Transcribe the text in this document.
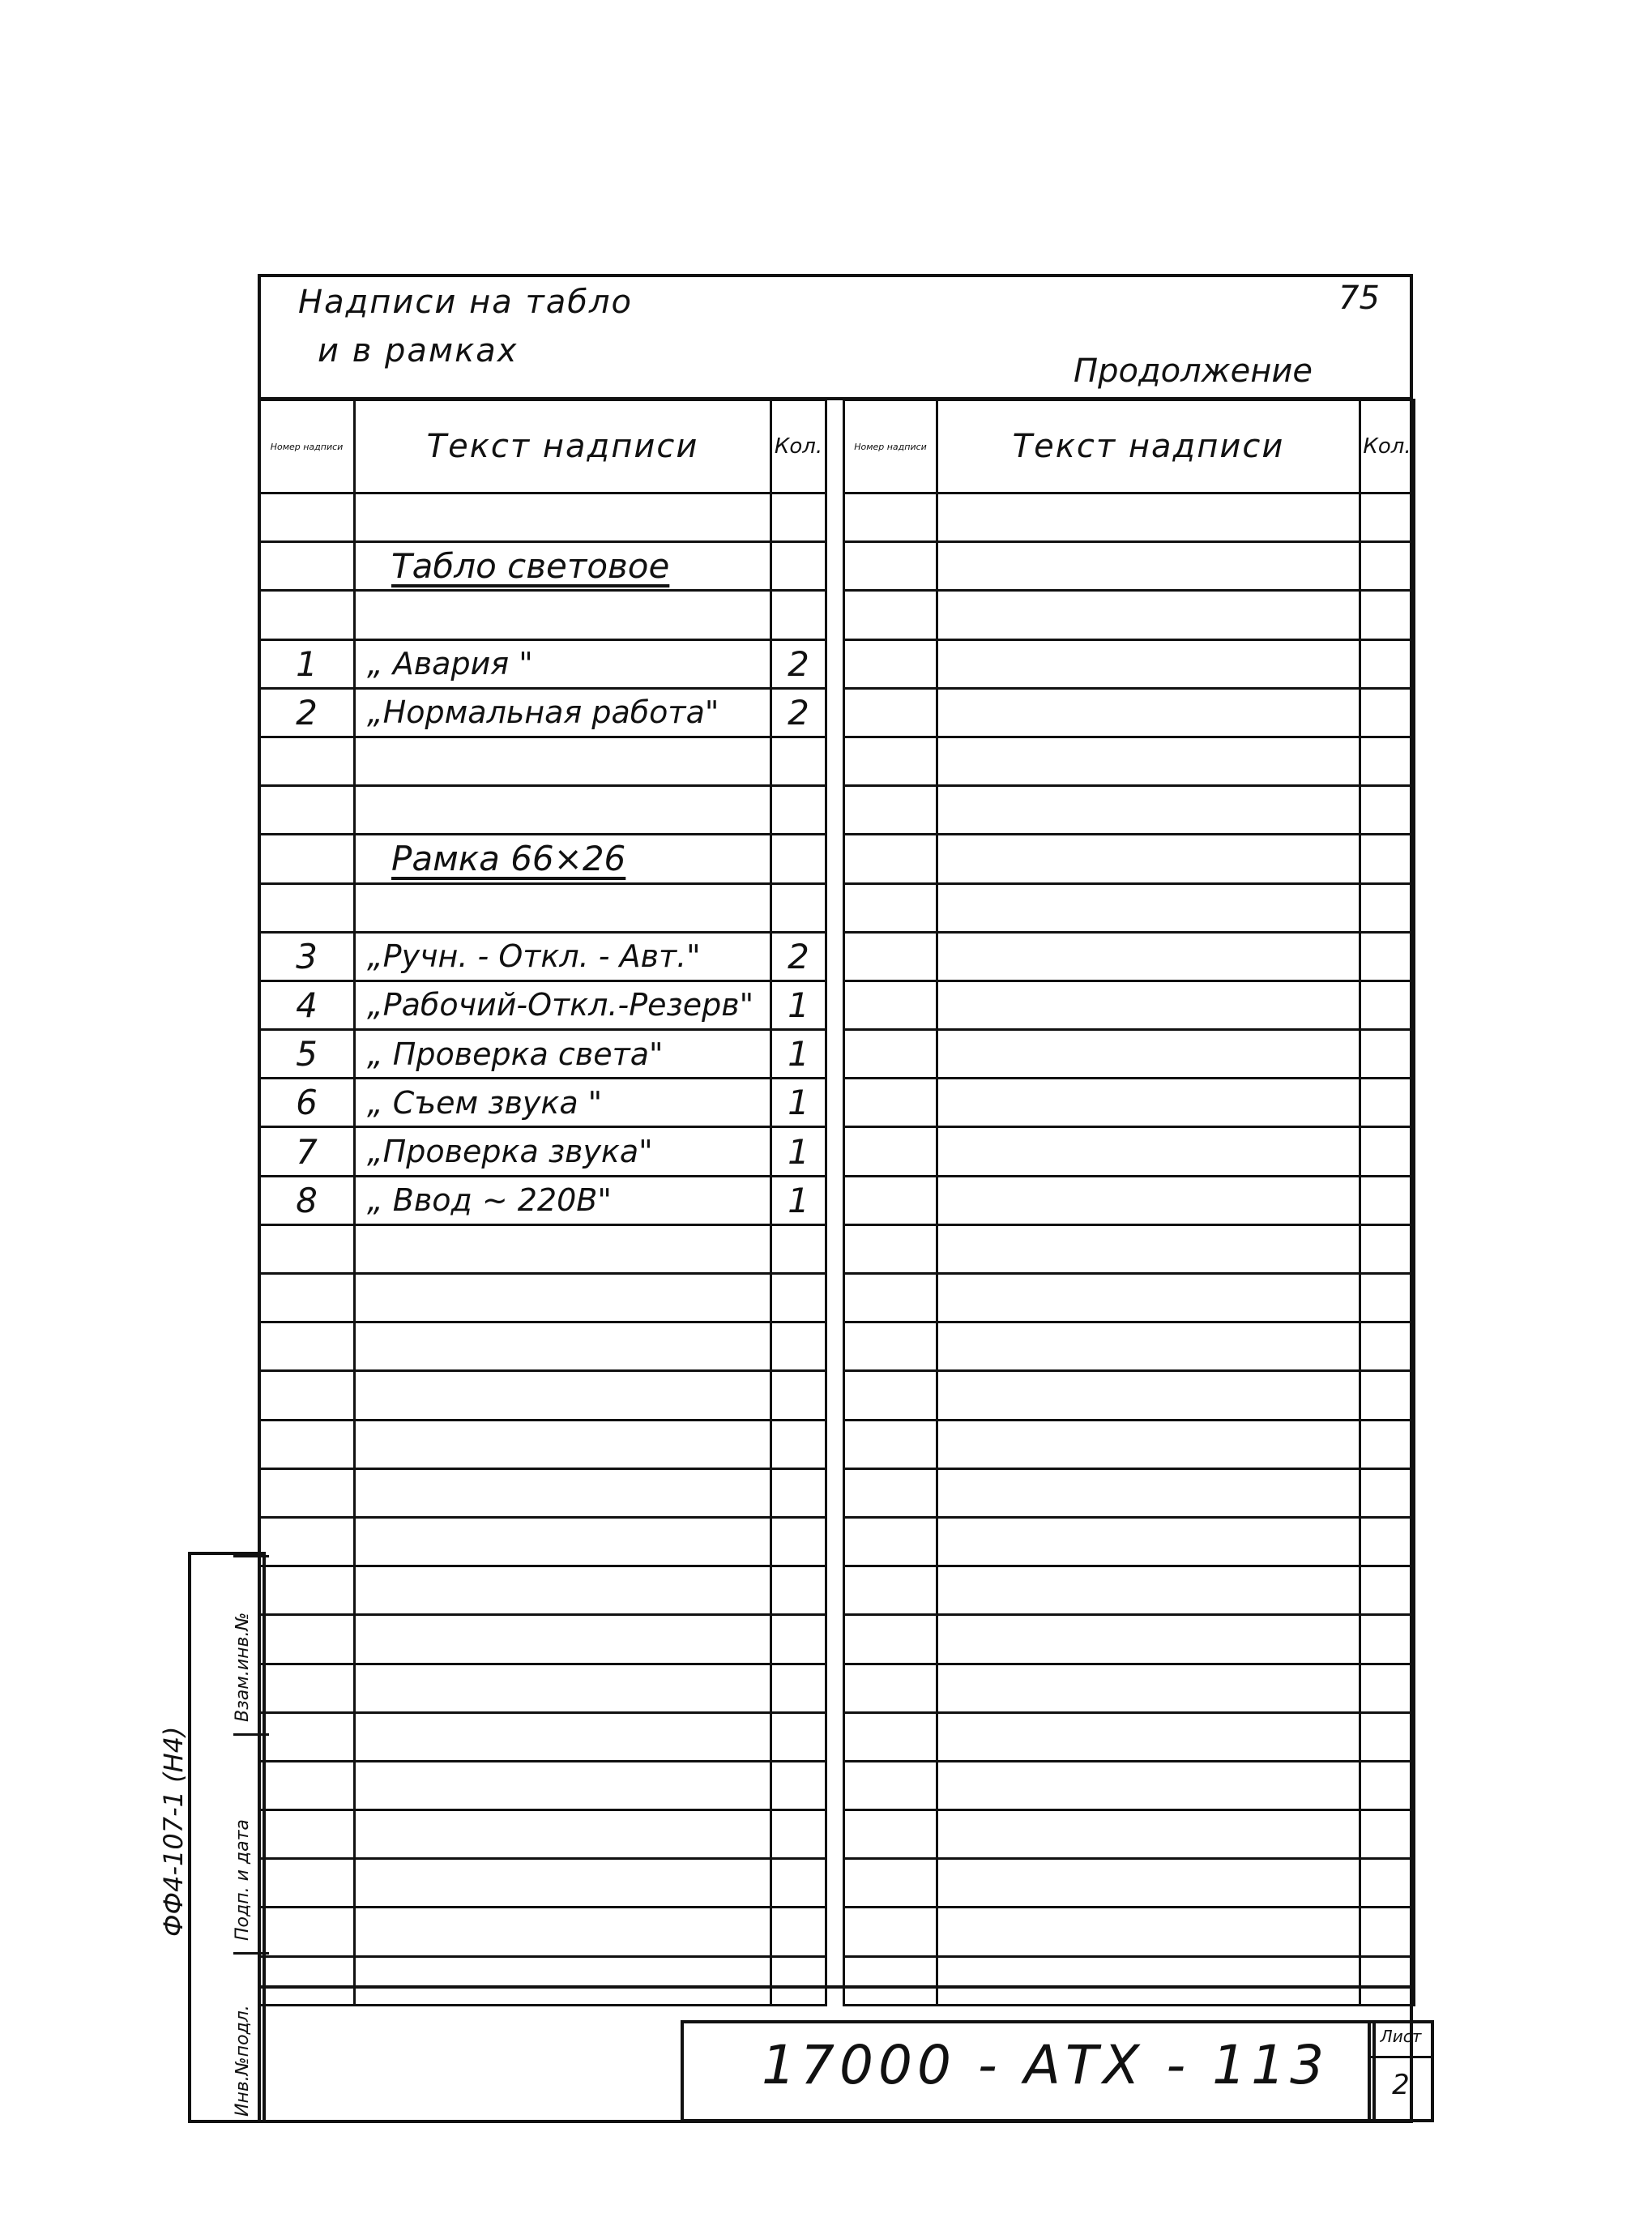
Надписи на табло
и в рамках
75
Продолжение
Номер надписи	Текст надписи	Кол.

	Табло световое	

1	„ Авария "	2
2	„Нормальная работа"	2

	Рамка 66×26	

3	„Ручн. - Откл. - Авт."	2
4	„Рабочий-Откл.-Резерв"	1
5	„ Проверка света"	1
6	„ Съем звука "	1
7	„Проверка звука"	1
8	„ Ввод ~ 220В"	1

Номер надписи	Текст надписи	Кол.

ФФ4-107-1 (Н4)
Взам.инв.№
Подп. и дата
Инв.№подл.	17000 - АТХ - 113	Лист
2
